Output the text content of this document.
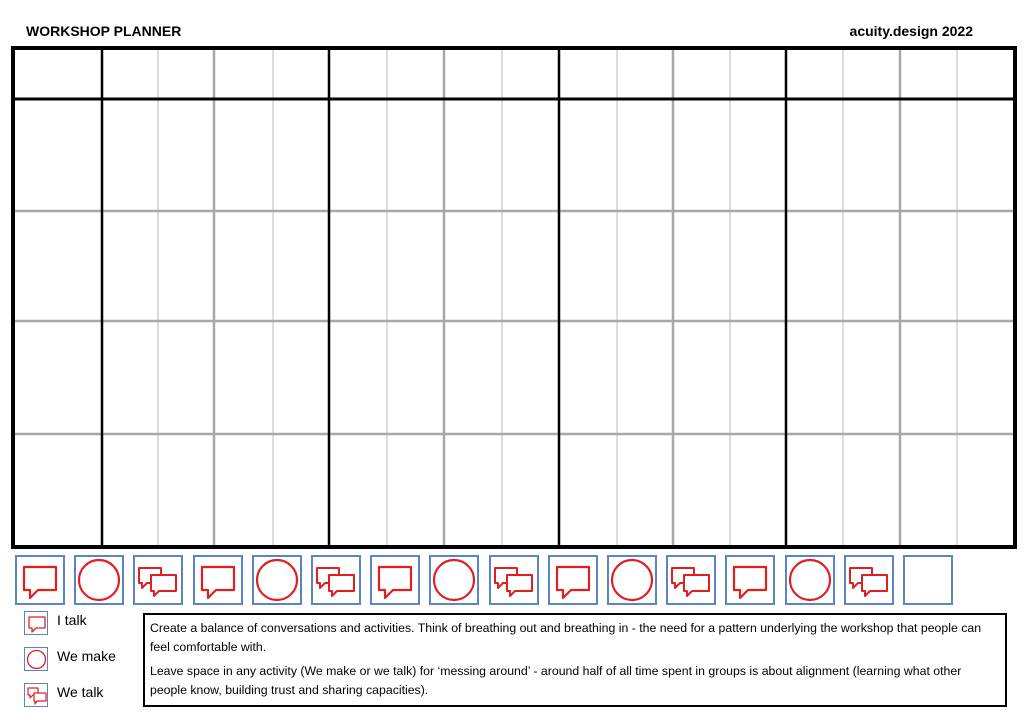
WORKSHOP PLANNER	acuity.design 2022
I talk
We make
We talk

Create a balance of conversations and activities. Think of breathing out and breathing in - the need for a pattern underlying the workshop that people can feel comfortable with.

Leave space in any activity (We make or we talk) for ‘messing around’ - around half of all time spent in groups is about alignment (learning what other people know, building trust and sharing capacities).
